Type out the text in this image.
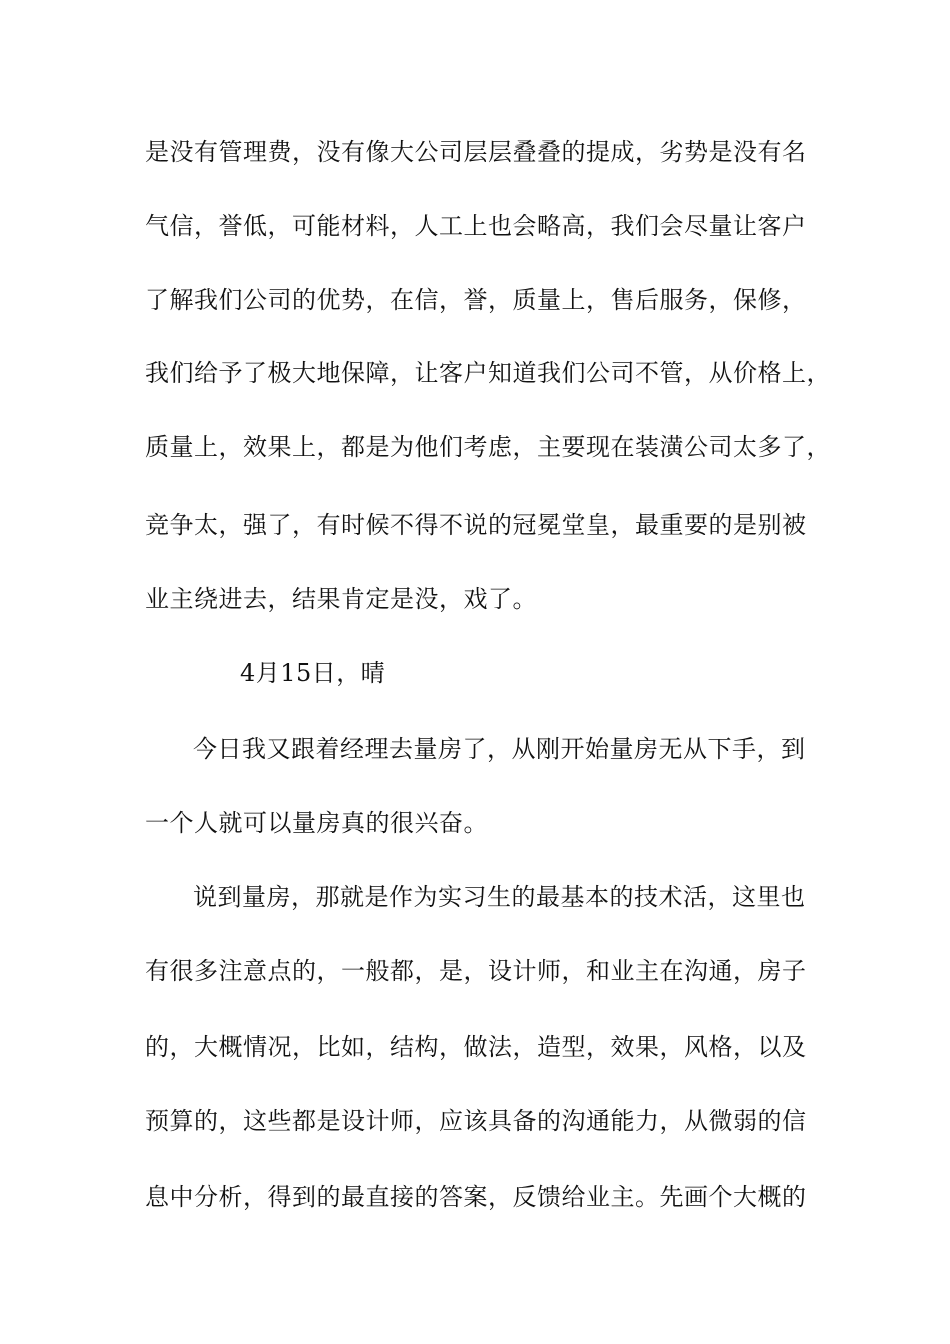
是没有管理费，没有像大公司层层叠叠的提成，劣势是没有名
气信，誉低，可能材料，人工上也会略高，我们会尽量让客户
了解我们公司的优势，在信，誉，质量上，售后服务，保修，
我们给予了极大地保障，让客户知道我们公司不管，从价格上，
质量上，效果上，都是为他们考虑，主要现在装潢公司太多了，
竞争太，强了，有时候不得不说的冠冕堂皇，最重要的是别被
业主绕进去，结果肯定是没，戏了。
4月15日，晴
今日我又跟着经理去量房了，从刚开始量房无从下手，到
一个人就可以量房真的很兴奋。
说到量房，那就是作为实习生的最基本的技术活，这里也
有很多注意点的，一般都，是，设计师，和业主在沟通，房子
的，大概情况，比如，结构，做法，造型，效果，风格，以及
预算的，这些都是设计师，应该具备的沟通能力，从微弱的信
息中分析，得到的最直接的答案，反馈给业主。先画个大概的
